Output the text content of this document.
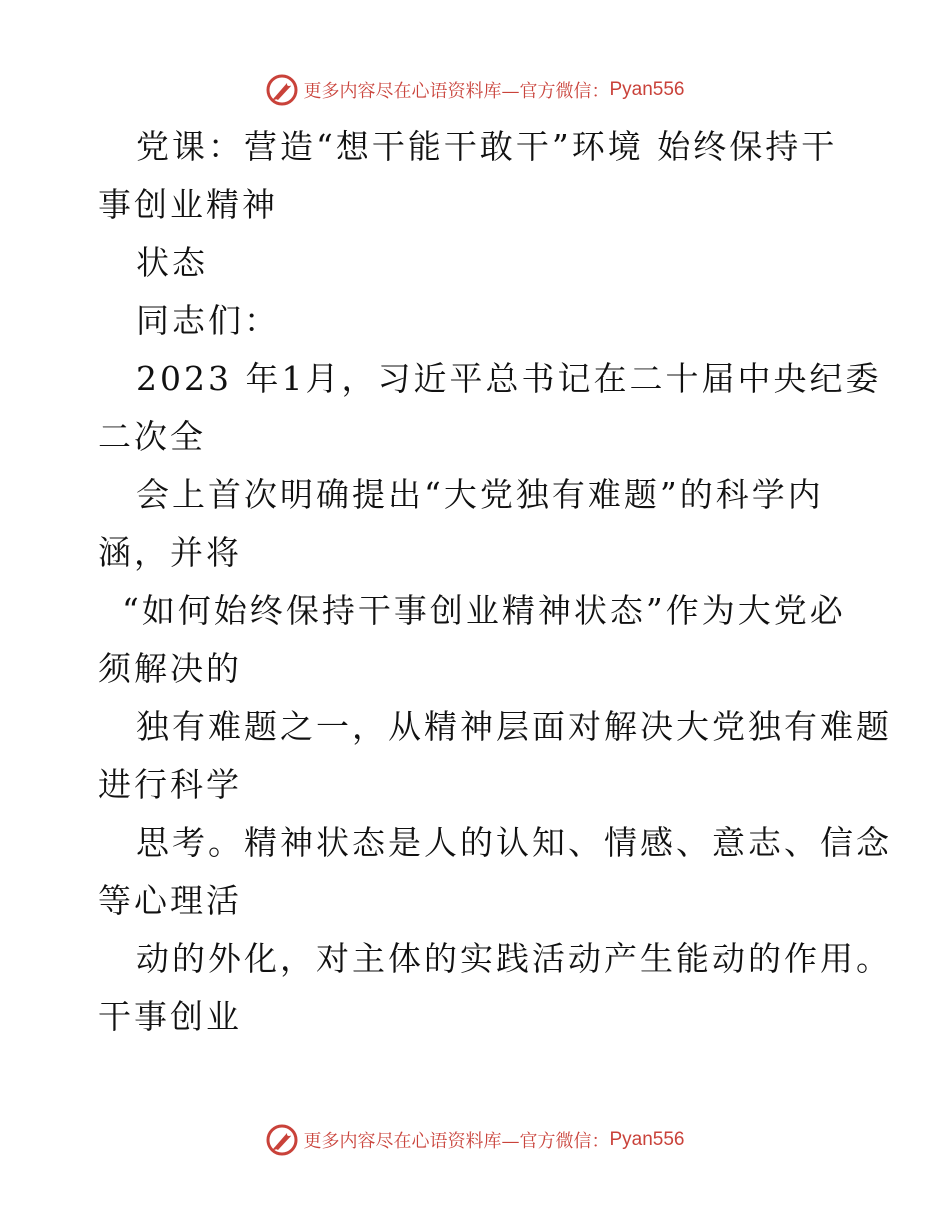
更多内容尽在心语资料库—官方微信： Pyan556
党课：营造“想干能干敢干”环境 始终保持干
事创业精神
状态
同志们：
2023 年1月，习近平总书记在二十届中央纪委
二次全
会上首次明确提出“大党独有难题”的科学内
涵，并将
“如何始终保持干事创业精神状态”作为大党必
须解决的
独有难题之一，从精神层面对解决大党独有难题
进行科学
思考。精神状态是人的认知、情感、意志、信念
等心理活
动的外化，对主体的实践活动产生能动的作用。
干事创业
更多内容尽在心语资料库—官方微信： Pyan556
